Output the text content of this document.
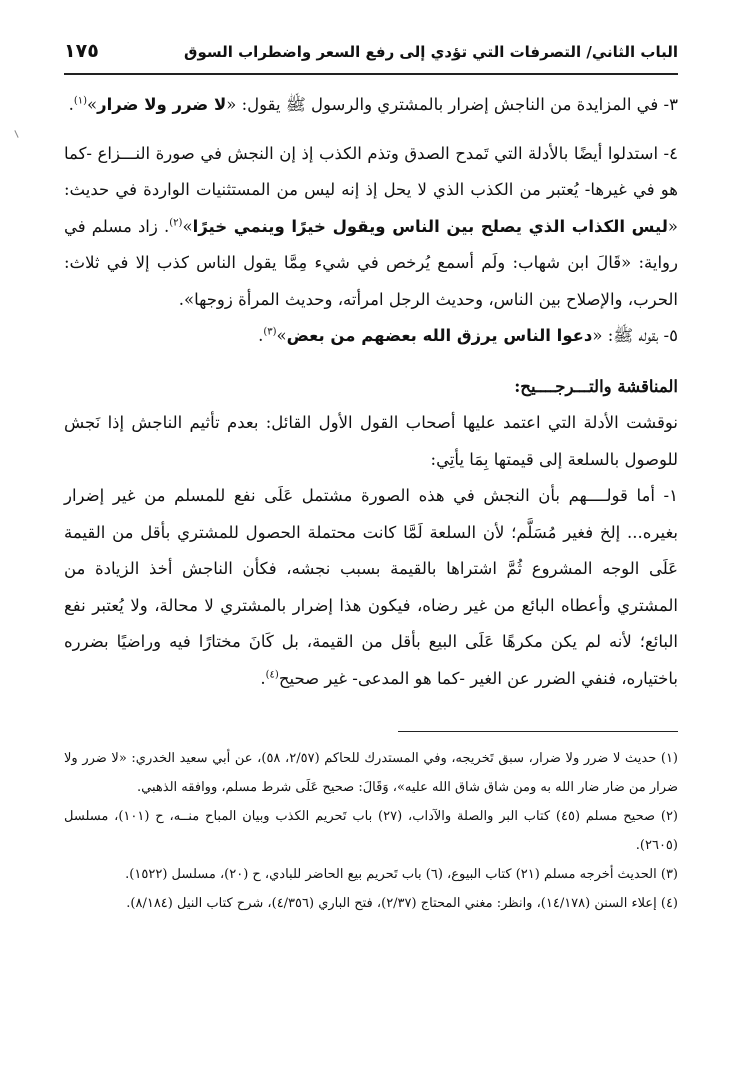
الباب الثاني/ التصرفات التي تؤدي إلى رفع السعر واضطراب السوق
١٧٥

٣- في المزايدة من الناجش إضرار بالمشتري والرسول ﷺ يقول: «لا ضرر ولا ضرار»$^{(١)}$.

٤- استدلوا أيضًا بالأدلة التي تَمدح الصدق وتذم الكذب إذ إن النجش في صورة النـــزاع -كما هو في غيرها- يُعتبر من الكذب الذي لا يحل إذ إنه ليس من المستثنيات الواردة في حديث: «ليس الكذاب الذي يصلح بين الناس ويقول خيرًا وينمي خيرًا»$^{(٢)}$. زاد مسلم في رواية: «قَالَ ابن شهاب: ولَم أسمع يُرخص في شيء مِمَّا يقول الناس كذب إلا في ثلاث: الحرب، والإصلاح بين الناس، وحديث الرجل امرأته، وحديث المرأة زوجها».

٥- بقوله ﷺ: «دعوا الناس يرزق الله بعضهم من بعض»$^{(٣)}$.

المناقشة والتـــرجــــيح:

نوقشت الأدلة التي اعتمد عليها أصحاب القول الأول القائل: بعدم تأثيم الناجش إذا نَجش للوصول بالسلعة إلى قيمتها بِمَا يأتِي:

١- أما قولــــهم بأن النجش في هذه الصورة مشتمل عَلَى نفع للمسلم من غير إضرار بغيره... إلخ فغير مُسَلَّم؛ لأن السلعة لَمَّا كانت محتملة الحصول للمشتري بأقل من القيمة عَلَى الوجه المشروع ثُمَّ اشتراها بالقيمة بسبب نجشه، فكأن الناجش أخذ الزيادة من المشتري وأعطاه البائع من غير رضاه، فيكون هذا إضرار بالمشتري لا محالة، ولا يُعتبر نفع البائع؛ لأنه لم يكن مكرهًا عَلَى البيع بأقل من القيمة، بل كَانَ مختارًا فيه وراضيًا بضرره باختياره، فنفي الضرر عن الغير -كما هو المدعى- غير صحيح$^{(٤)}$.

(١) حديث لا ضرر ولا ضرار، سبق تَخريجه، وفي المستدرك للحاكم (٢/٥٧، ٥٨)، عن أبي سعيد الخدري: «لا ضرر ولا ضرار من ضار ضار الله به ومن شاق شاق الله عليه»، وَقَالَ: صحيح عَلَى شرط مسلم، ووافقه الذهبي.

(٢) صحيح مسلم (٤٥) كتاب البر والصلة والآداب، (٢٧) باب تَحريم الكذب وبيان المباح منــه، ح (١٠١)، مسلسل (٢٦٠٥).

(٣) الحديث أخرجه مسلم (٢١) كتاب البيوع، (٦) باب تَحريم بيع الحاضر للبادي، ح (٢٠)، مسلسل (١٥٢٢).

(٤) إعلاء السنن (١٤/١٧٨)، وانظر: مغني المحتاج (٢/٣٧)، فتح الباري (٤/٣٥٦)، شرح كتاب النيل (٨/١٨٤).
